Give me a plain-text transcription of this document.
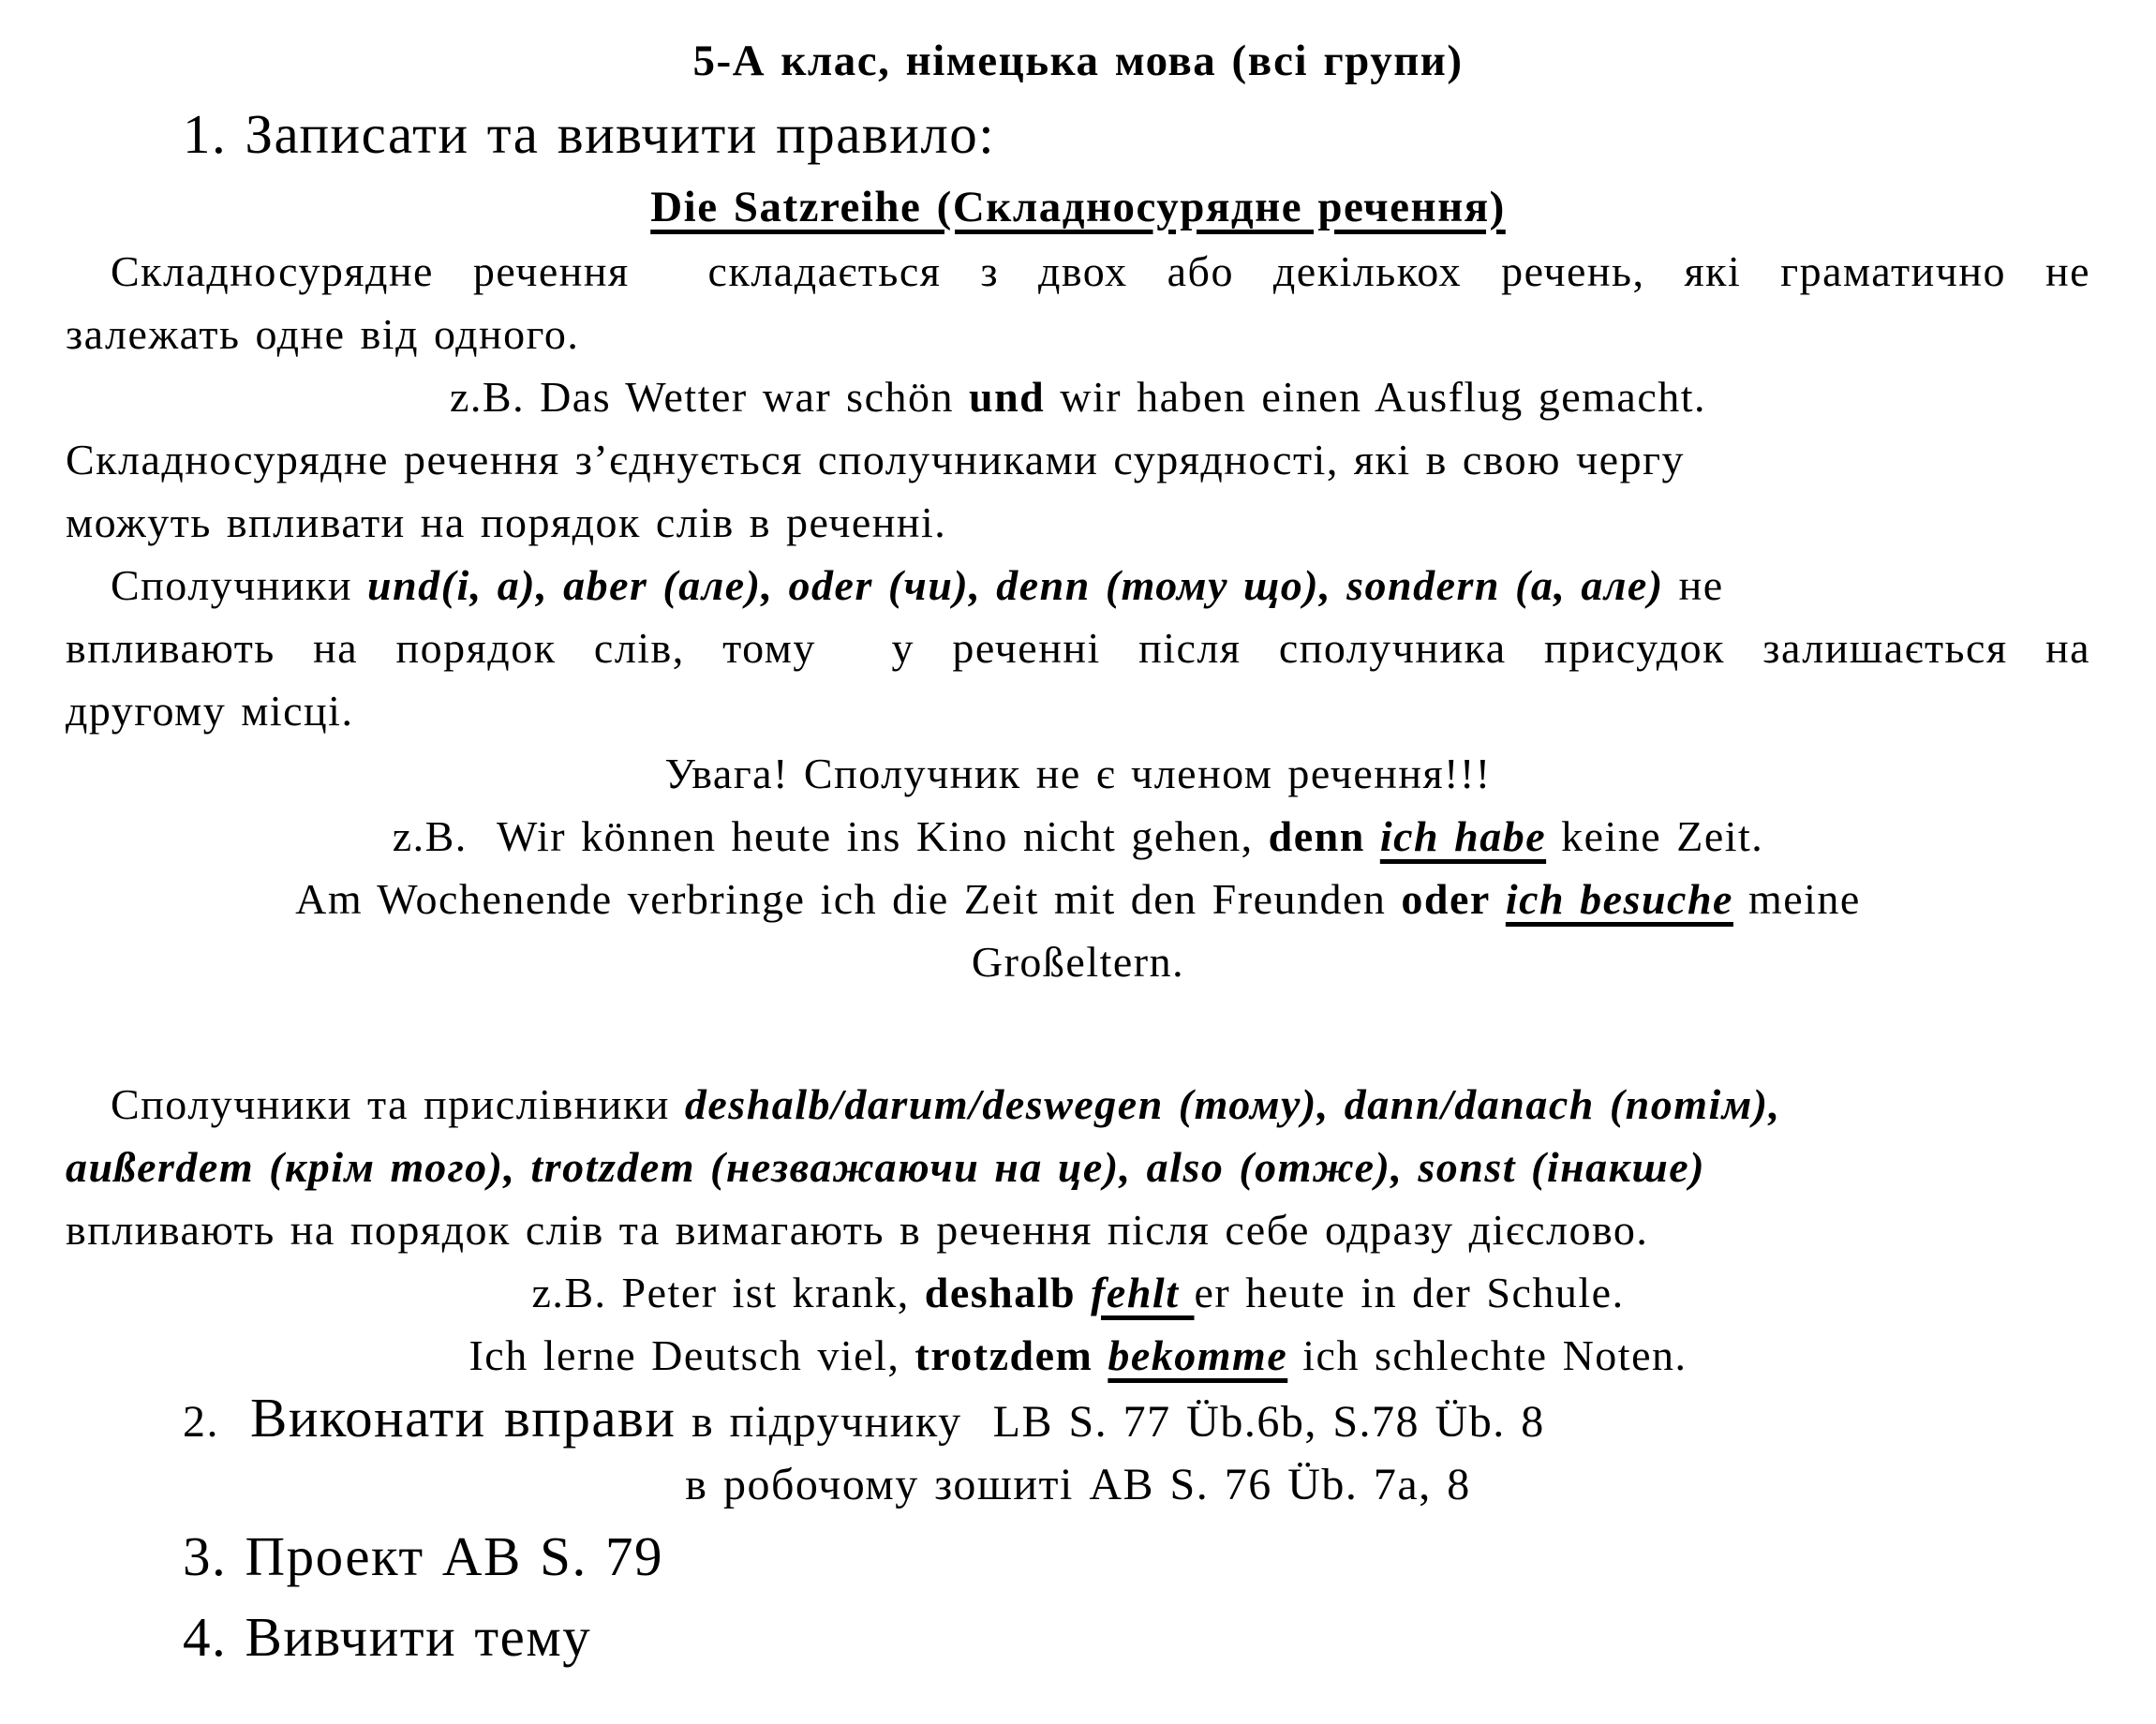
5-А клас, німецька мова (всі групи)
1. Записати та вивчити правило:
Die Satzreihe (Складносурядне речення)
Складносурядне речення  складається з двох або декількох речень, які граматично не
залежать одне від одного.
z.B. Das Wetter war schön und wir haben einen Ausflug gemacht.
Складносурядне речення з’єднується сполучниками сурядності, які в свою чергу
можуть впливати на порядок слів в реченні.
Сполучники und(і, а), aber (але), oder (чи), denn (тому що), sondern (а, але) не
впливають на порядок слів, тому  у реченні після сполучника присудок залишається на
другому місці.
Увага! Сполучник не є членом речення!!!
z.B.  Wir können heute ins Kino nicht gehen, denn ich habe keine Zeit.
Am Wochenende verbringe ich die Zeit mit den Freunden oder ich besuche meine
Großeltern.
Сполучники та прислівники deshalb/darum/deswegen (тому), dann/danach (потім),
außerdem (крім того), trotzdem (незважаючи на це), also (отже), sonst (інакше)
впливають на порядок слів та вимагають в речення після себе одразу дієслово.
z.B. Peter ist krank, deshalb fehlt er heute in der Schule.
Ich lerne Deutsch viel, trotzdem bekomme ich schlechte Noten.
2.  Виконати вправи в підручнику  LB S. 77 Üb.6b, S.78 Üb. 8
в робочому зошиті AB S. 76 Üb. 7a, 8
3. Проект AB S. 79
4. Вивчити тему
